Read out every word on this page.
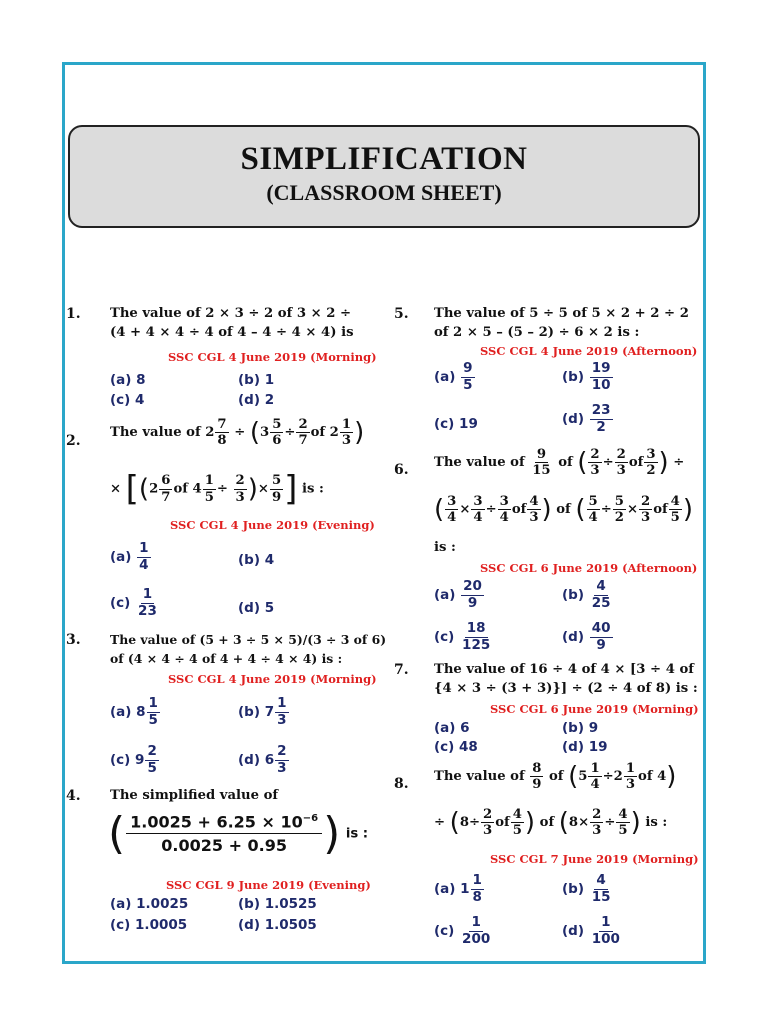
SIMPLIFICATION
(CLASSROOM SHEET)
1. The value of 2 × 3 ÷ 2 of 3 × 2 ÷
(4 + 4 × 4 ÷ 4 of 4 – 4 ÷ 4 × 4) is
SSC CGL 4 June 2019 (Morning)
(a) 8	(b) 1
(c) 4	(d) 2
2.
The value of $2 \frac{7}{8} \div (3 \frac{5}{6} \div \frac{2}{7}$ of $2 \frac{1}{3}$ )
× [($2 \frac{6}{7}$ of $4 \frac{1}{5} \div \frac{2}{3}$ )× $\frac{5}{9}$ ] is :
SSC CGL 4 June 2019 (Evening)
$(a) \frac{1}{4}$	(b) 4
$(c) \frac{1}{23}$	(d) 5
3. The value of (5 + 3 ÷ 5 × 5)/(3 ÷ 3 of 6)
of (4 × 4 ÷ 4 of 4 + 4 ÷ 4 × 4) is :
SSC CGL 4 June 2019 (Morning)
(a) $8 \frac{1}{5}$	(b) $7 \frac{1}{3}$
(c) $9 \frac{2}{5}$	(d) $6 \frac{2}{3}$
4. The simplified value of
( $\frac{1.0025 + 6.25 \times 10^{-6}}{0.0025 + 0.95}$ ) is :
SSC CGL 9 June 2019 (Evening)
(a) 1.0025	(b) 1.0525
(c) 1.0005	(d) 1.0505
5. The value of 5 ÷ 5 of 5 × 2 + 2 ÷ 2
of 2 × 5 – (5 – 2) ÷ 6 × 2 is :
SSC CGL 4 June 2019 (Afternoon)
$(a) \frac{9}{5}$	$(b) \frac{19}{10}$
(c) 19	$(d) \frac{23}{2}$
6. The value of $\frac{9}{15}$ of ( $\frac{2}{3} \div \frac{2}{3}$ of $\frac{3}{2}$ ) ÷
( $\frac{3}{4} \times \frac{3}{4} \div \frac{3}{4}$ of $\frac{4}{3}$ ) of ( $\frac{5}{4} \div \frac{5}{2} \times \frac{2}{3}$ of $\frac{4}{5}$ )
is :
SSC CGL 6 June 2019 (Afternoon)
$(a) \frac{20}{9}$	$(b) \frac{4}{25}$
$(c) \frac{18}{125}$	$(d) \frac{40}{9}$
7. The value of 16 ÷ 4 of 4 × [3 ÷ 4 of
{4 × 3 ÷ (3 + 3)}] ÷ (2 ÷ 4 of 8) is :
SSC CGL 6 June 2019 (Morning)
(a) 6	(b) 9
(c) 48	(d) 19
8. The value of $\frac{8}{9}$ of ($5 \frac{1}{4} \div 2 \frac{1}{3}$ of 4)
÷ ($8\div \frac{2}{3}$ of $\frac{4}{5}$ ) of ($8\times \frac{2}{3} \div \frac{4}{5}$ ) is :
SSC CGL 7 June 2019 (Morning)
(a) $1 \frac{1}{8}$	$(b) \frac{4}{15}$
$(c) \frac{1}{200}$	$(d) \frac{1}{100}$
